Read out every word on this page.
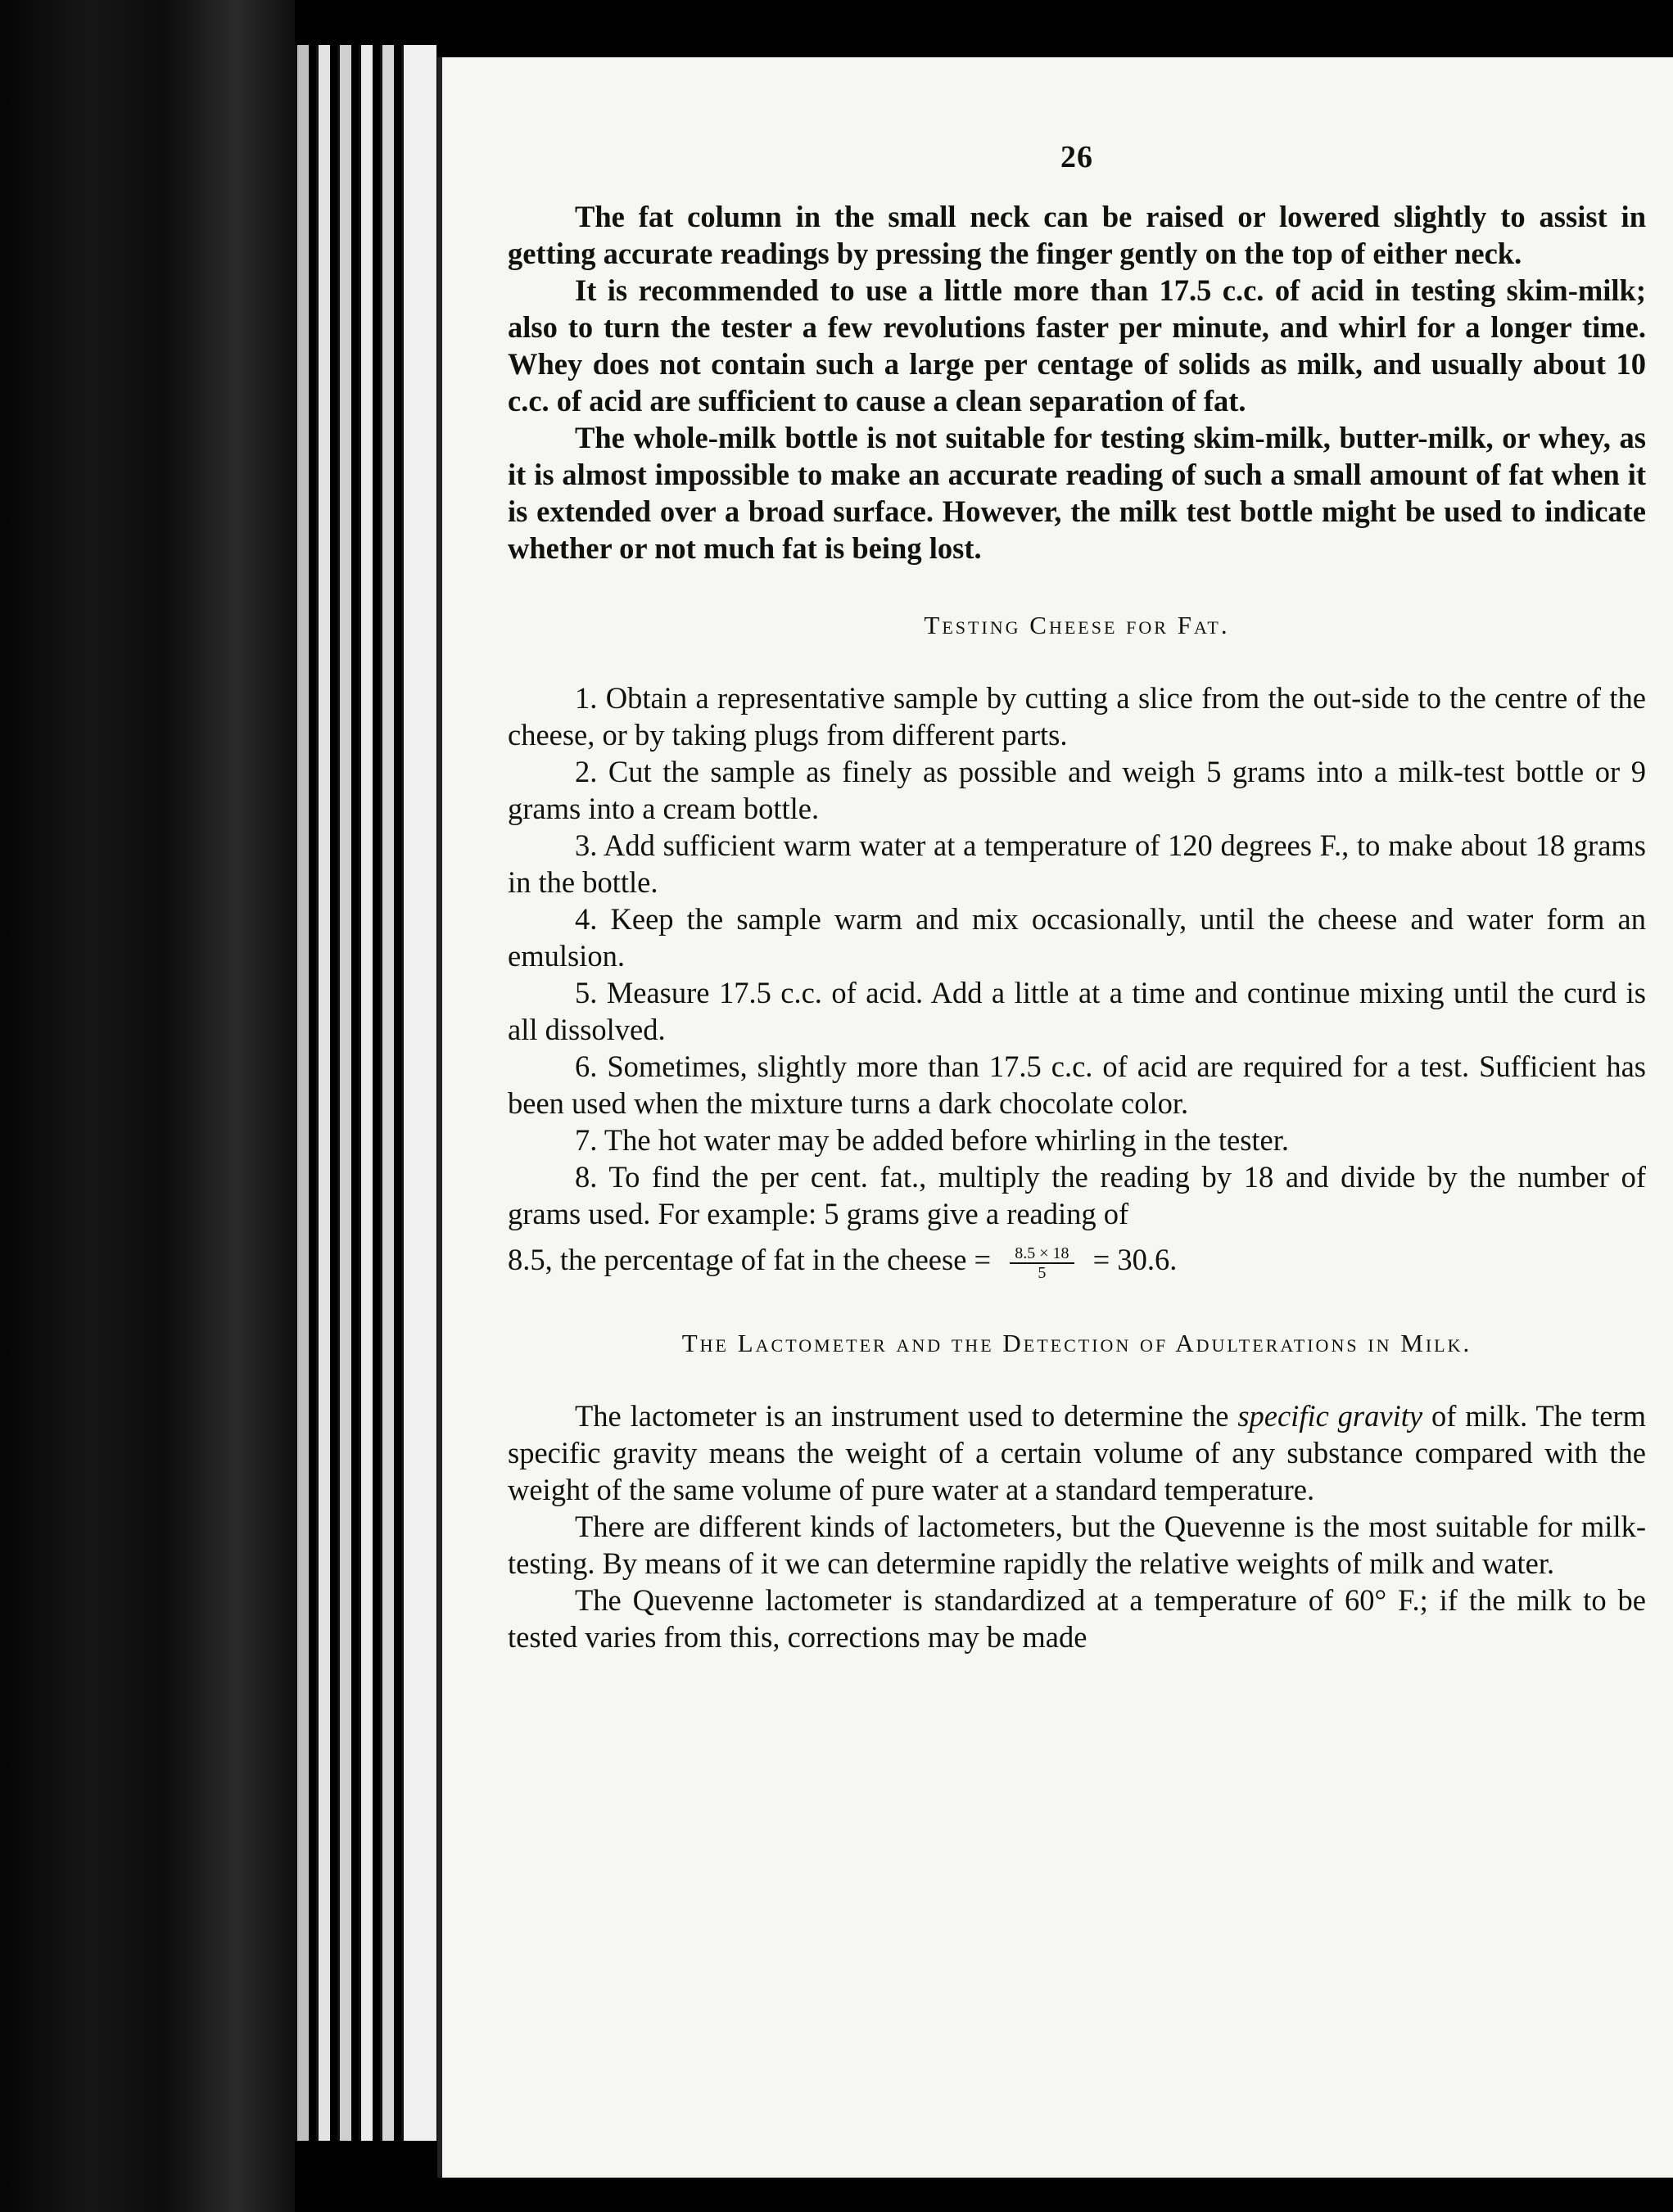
26

The fat column in the small neck can be raised or lowered slightly to assist in getting accurate readings by pressing the finger gently on the top of either neck.

It is recommended to use a little more than 17.5 c.c. of acid in testing skim-milk; also to turn the tester a few revolutions faster per minute, and whirl for a longer time. Whey does not contain such a large per centage of solids as milk, and usually about 10 c.c. of acid are sufficient to cause a clean separation of fat.

The whole-milk bottle is not suitable for testing skim-milk, butter-milk, or whey, as it is almost impossible to make an accurate reading of such a small amount of fat when it is extended over a broad surface. However, the milk test bottle might be used to indicate whether or not much fat is being lost.

Testing Cheese for Fat.

1. Obtain a representative sample by cutting a slice from the out-side to the centre of the cheese, or by taking plugs from different parts.

2. Cut the sample as finely as possible and weigh 5 grams into a milk-test bottle or 9 grams into a cream bottle.

3. Add sufficient warm water at a temperature of 120 degrees F., to make about 18 grams in the bottle.

4. Keep the sample warm and mix occasionally, until the cheese and water form an emulsion.

5. Measure 17.5 c.c. of acid. Add a little at a time and continue mixing until the curd is all dissolved.

6. Sometimes, slightly more than 17.5 c.c. of acid are required for a test. Sufficient has been used when the mixture turns a dark chocolate color.

7. The hot water may be added before whirling in the tester.

8. To find the per cent. fat., multiply the reading by 18 and divide by the number of grams used. For example: 5 grams give a reading of

8.5, the percentage of fat in the cheese = $\frac{8.5 \times 18}{5} = 30.6$.
The Lactometer and the Detection of Adulterations in Milk.

The lactometer is an instrument used to determine the specific gravity of milk. The term specific gravity means the weight of a certain volume of any substance compared with the weight of the same volume of pure water at a standard temperature.

There are different kinds of lactometers, but the Quevenne is the most suitable for milk-testing. By means of it we can determine rapidly the relative weights of milk and water.

The Quevenne lactometer is standardized at a temperature of 60° F.; if the milk to be tested varies from this, corrections may be made
